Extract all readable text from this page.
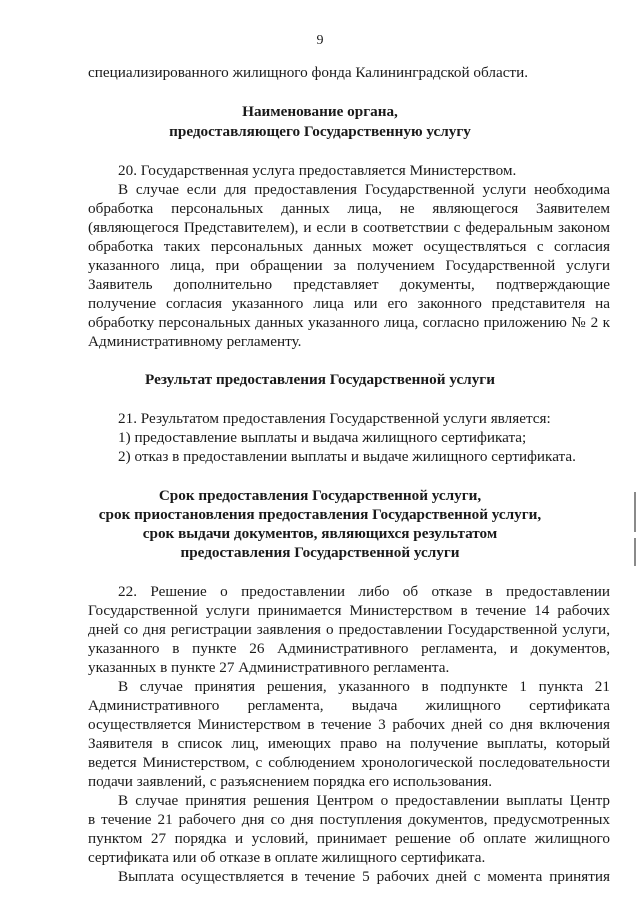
9
специализированного жилищного фонда Калининградской области.
Наименование органа,
предоставляющего Государственную услугу
20. Государственная услуга предоставляется Министерством.
В случае если для предоставления Государственной услуги необходима
обработка персональных данных лица, не являющегося Заявителем
(являющегося Представителем), и если в соответствии с федеральным законом
обработка таких персональных данных может осуществляться с согласия
указанного лица, при обращении за получением Государственной услуги
Заявитель дополнительно представляет документы, подтверждающие
получение согласия указанного лица или его законного представителя на
обработку персональных данных указанного лица, согласно приложению № 2 к
Административному регламенту.
Результат предоставления Государственной услуги
21. Результатом предоставления Государственной услуги является:
1) предоставление выплаты и выдача жилищного сертификата;
2) отказ в предоставлении выплаты и выдаче жилищного сертификата.
Срок предоставления Государственной услуги,
срок приостановления предоставления Государственной услуги,
срок выдачи документов, являющихся результатом
предоставления Государственной услуги
22. Решение о предоставлении либо об отказе в предоставлении
Государственной услуги принимается Министерством в течение 14 рабочих
дней со дня регистрации заявления о предоставлении Государственной услуги,
указанного в пункте 26 Административного регламента, и документов,
указанных в пункте 27 Административного регламента.
В случае принятия решения, указанного в подпункте 1 пункта 21
Административного регламента, выдача жилищного сертификата
осуществляется Министерством в течение 3 рабочих дней со дня включения
Заявителя в список лиц, имеющих право на получение выплаты, который
ведется Министерством, с соблюдением хронологической последовательности
подачи заявлений, с разъяснением порядка его использования.
В случае принятия решения Центром о предоставлении выплаты Центр
в течение 21 рабочего дня со дня поступления документов, предусмотренных
пунктом 27 порядка и условий, принимает решение об оплате жилищного
сертификата или об отказе в оплате жилищного сертификата.
Выплата осуществляется в течение 5 рабочих дней с момента принятия
